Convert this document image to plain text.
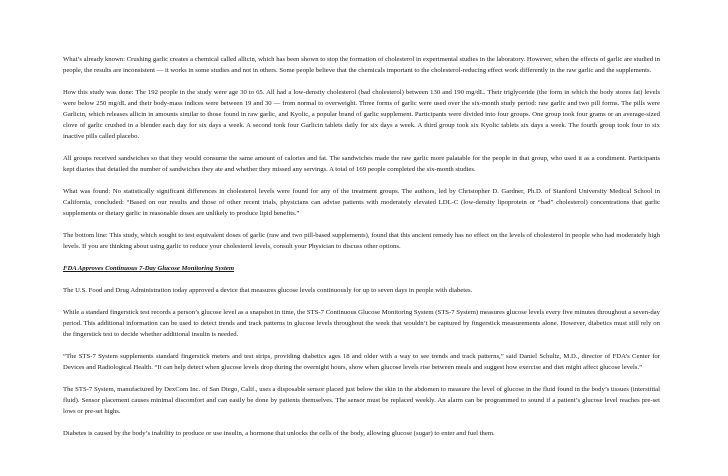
What’s already known: Crushing garlic creates a chemical called allicin, which has been shown to stop the formation of cholesterol in experimental studies in the laboratory. However, when the effects of garlic are studied in people, the results are inconsistent — it works in some studies and not in others. Some people believe that the chemicals important to the cholesterol-reducing effect work differently in the raw garlic and the supplements.

How this study was done: The 192 people in the study were age 30 to 65. All had a low-density cholesterol (bad cholesterol) between 130 and 190 mg/dL. Their triglyceride (the form in which the body stores fat) levels were below 250 mg/dL and their body-mass indices were between 19 and 30 — from normal to overweight. Three forms of garlic were used over the six-month study period: raw garlic and two pill forms. The pills were Garlicin, which releases allicin in amounts similar to those found in raw garlic, and Kyolic, a popular brand of garlic supplement. Participants were divided into four groups. One group took four grams or an average-sized clove of garlic crushed in a blender each day for six days a week. A second took four Garlicin tablets daily for six days a week. A third group took six Kyolic tablets six days a week. The fourth group took four to six inactive pills called placebo.

All groups received sandwiches so that they would consume the same amount of calories and fat. The sandwiches made the raw garlic more palatable for the people in that group, who used it as a condiment. Participants kept diaries that detailed the number of sandwiches they ate and whether they missed any servings. A total of 169 people completed the six-month studies.

What was found: No statistically significant differences in cholesterol levels were found for any of the treatment groups. The authors, led by Christopher D. Gardner, Ph.D. of Stanford University Medical School in California, concluded: “Based on our results and those of other recent trials, physicians can advise patients with moderately elevated LDL-C (low-density lipoprotein or “bad” cholesterol) concentrations that garlic supplements or dietary garlic in reasonable doses are unlikely to produce lipid benefits.”

The bottom line: This study, which sought to test equivalent doses of garlic (raw and two pill-based supplements), found that this ancient remedy has no effect on the levels of cholesterol in people who had moderately high levels. If you are thinking about using garlic to reduce your cholesterol levels, consult your Physician to discuss other options.

FDA Approves Continuous 7-Day Glucose Monitoring System

The U.S. Food and Drug Administration today approved a device that measures glucose levels continuously for up to seven days in people with diabetes.

While a standard fingerstick test records a person’s glucose level as a snapshot in time, the STS-7 Continuous Glucose Monitoring System (STS-7 System) measures glucose levels every five minutes throughout a seven-day period. This additional information can be used to detect trends and track patterns in glucose levels throughout the week that wouldn’t be captured by fingerstick measurements alone. However, diabetics must still rely on the fingerstick test to decide whether additional insulin is needed.

“The STS-7 System supplements standard fingerstick meters and test strips, providing diabetics ages 18 and older with a way to see trends and track patterns,” said Daniel Schultz, M.D., director of FDA’s Center for Devices and Radiological Health. “It can help detect when glucose levels drop during the overnight hours, show when glucose levels rise between meals and suggest how exercise and diet might affect glucose levels.”

The STS-7 System, manufactured by DexCom Inc. of San Diego, Calif., uses a disposable sensor placed just below the skin in the abdomen to measure the level of glucose in the fluid found in the body’s tissues (interstitial fluid). Sensor placement causes minimal discomfort and can easily be done by patients themselves. The sensor must be replaced weekly. An alarm can be programmed to sound if a patient’s glucose level reaches pre-set lows or pre-set highs.

Diabetes is caused by the body’s inability to produce or use insulin, a hormone that unlocks the cells of the body, allowing glucose (sugar) to enter and fuel them.
